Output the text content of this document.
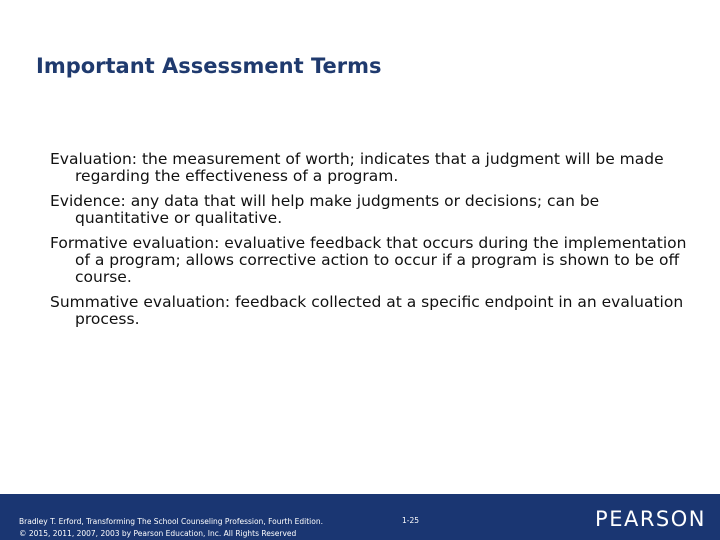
Important Assessment Terms

Evaluation: the measurement of worth; indicates that a judgment will be made regarding the effectiveness of a program.

Evidence: any data that will help make judgments or decisions; can be quantitative or qualitative.

Formative evaluation: evaluative feedback that occurs during the implementation of a program; allows corrective action to occur if a program is shown to be off course.

Summative evaluation: feedback collected at a specific endpoint in an evaluation process.

Bradley T. Erford, Transforming The School Counseling Profession, Fourth Edition.
© 2015, 2011, 2007, 2003 by Pearson Education, Inc. All Rights Reserved
1-25	PEARSON
